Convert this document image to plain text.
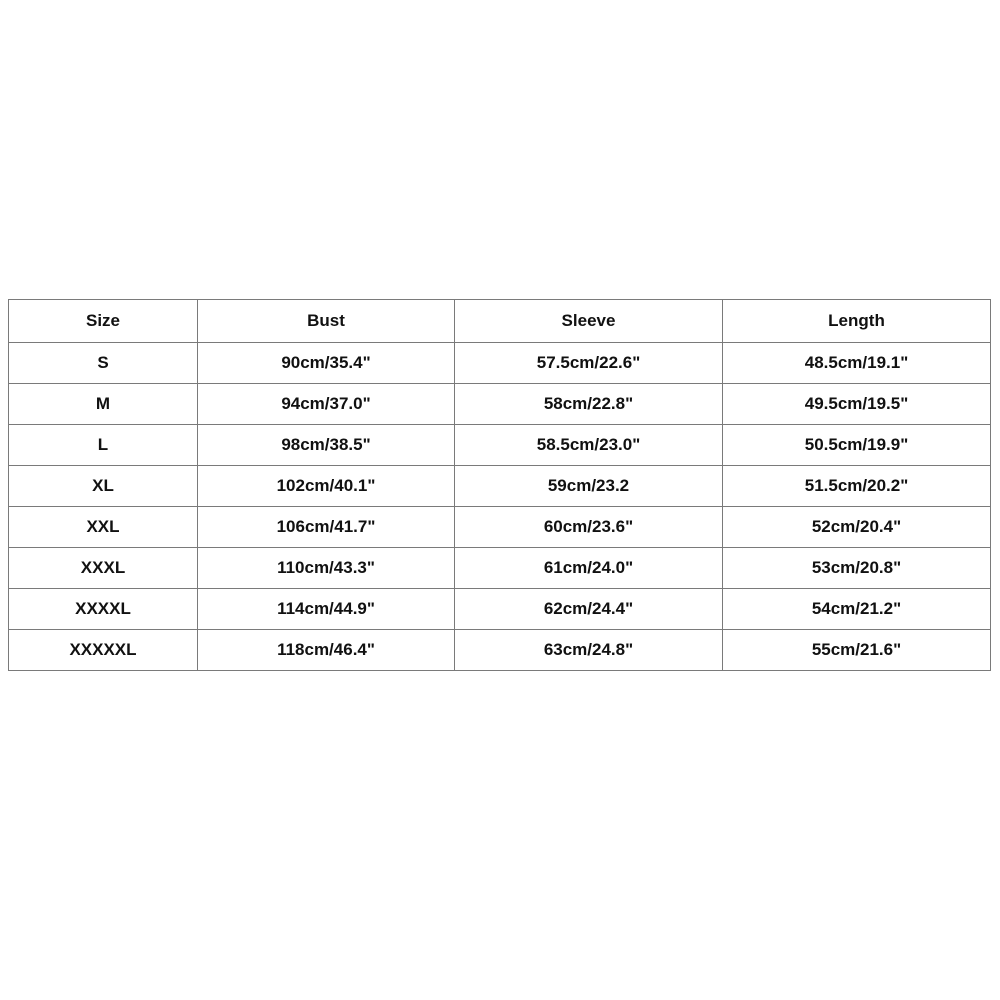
Size	Bust	Sleeve	Length
S	90cm/35.4"	57.5cm/22.6"	48.5cm/19.1"
M	94cm/37.0"	58cm/22.8"	49.5cm/19.5"
L	98cm/38.5"	58.5cm/23.0"	50.5cm/19.9"
XL	102cm/40.1"	59cm/23.2	51.5cm/20.2"
XXL	106cm/41.7"	60cm/23.6"	52cm/20.4"
XXXL	110cm/43.3"	61cm/24.0"	53cm/20.8"
XXXXL	114cm/44.9"	62cm/24.4"	54cm/21.2"
XXXXXL	118cm/46.4"	63cm/24.8"	55cm/21.6"
